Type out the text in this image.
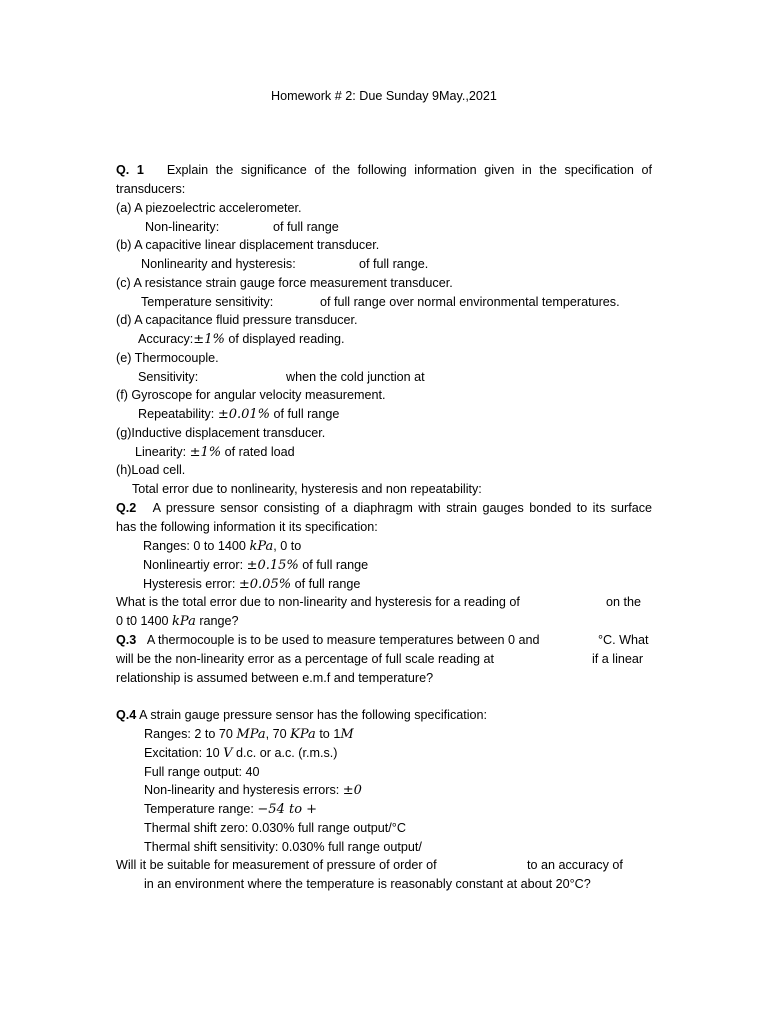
Homework # 2: Due Sunday 9May.,2021
Q. 1 Explain the significance of the following information given in the specification of
transducers:
(a) A piezoelectric accelerometer.
Non-linearity:	of full range
(b) A capacitive linear displacement transducer.
Nonlinearity and hysteresis:	of full range.
(c) A resistance strain gauge force measurement transducer.
Temperature sensitivity:	of full range over normal environmental temperatures.
(d) A capacitance fluid pressure transducer.
Accuracy:±1% of displayed reading.
(e) Thermocouple.
Sensitivity:	when the cold junction at
(f) Gyroscope for angular velocity measurement.
Repeatability: ±0.01% of full range
(g)Inductive displacement transducer.
Linearity: ±1% of rated load
(h)Load cell.
Total error due to nonlinearity, hysteresis and non repeatability:
Q.2 A pressure sensor consisting of a diaphragm with strain gauges bonded to its surface
has the following information it its specification:
Ranges: 0 to 1400 kPa, 0 to
Nonlineartiy error: ±0.15% of full range
Hysteresis error: ±0.05% of full range
What is the total error due to non-linearity and hysteresis for a reading of	on the
0 t0 1400 kPa range?
Q.3 A thermocouple is to be used to measure temperatures between 0 and	°C. What
will be the non-linearity error as a percentage of full scale reading at	if a linear
relationship is assumed between e.m.f and temperature?
Q.4 A strain gauge pressure sensor has the following specification:
Ranges: 2 to 70 MPa, 70 KPa to 1M
Excitation: 10 V d.c. or a.c. (r.m.s.)
Full range output: 40
Non-linearity and hysteresis errors: ±0
Temperature range: −54 to +
Thermal shift zero: 0.030% full range output/°C
Thermal shift sensitivity: 0.030% full range output/
Will it be suitable for measurement of pressure of order of	to an accuracy of
in an environment where the temperature is reasonably constant at about 20°C?
